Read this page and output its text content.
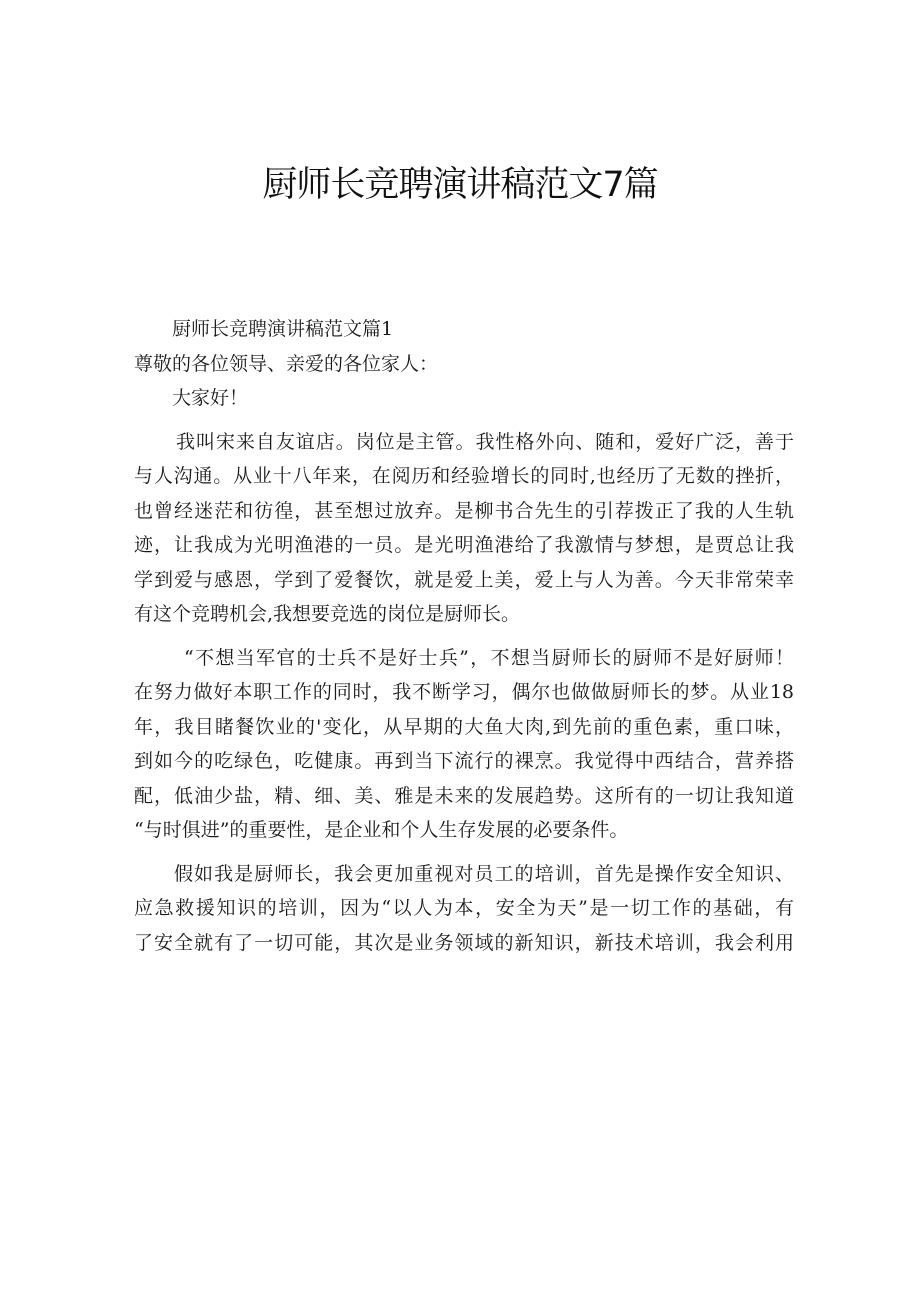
厨师长竞聘演讲稿范文7篇
厨师长竞聘演讲稿范文篇1
尊敬的各位领导、亲爱的各位家人：
大家好！
我叫宋来自友谊店。岗位是主管。我性格外向、随和，爱好广泛，善于
与人沟通。从业十八年来，在阅历和经验增长的同时,也经历了无数的挫折，
也曾经迷茫和彷徨，甚至想过放弃。是柳书合先生的引荐拨正了我的人生轨
迹，让我成为光明渔港的一员。是光明渔港给了我激情与梦想，是贾总让我
学到爱与感恩，学到了爱餐饮，就是爱上美，爱上与人为善。今天非常荣幸
有这个竞聘机会,我想要竞选的岗位是厨师长。
“不想当军官的士兵不是好士兵”，不想当厨师长的厨师不是好厨师！
在努力做好本职工作的同时，我不断学习，偶尔也做做厨师长的梦。从业18
年，我目睹餐饮业的'变化，从早期的大鱼大肉,到先前的重色素，重口味，
到如今的吃绿色，吃健康。再到当下流行的裸烹。我觉得中西结合，营养搭
配，低油少盐，精、细、美、雅是未来的发展趋势。这所有的一切让我知道
“与时俱进”的重要性，是企业和个人生存发展的必要条件。
假如我是厨师长，我会更加重视对员工的培训，首先是操作安全知识、
应急救援知识的培训，因为“以人为本，安全为天”是一切工作的基础，有
了安全就有了一切可能，其次是业务领域的新知识，新技术培训，我会利用
